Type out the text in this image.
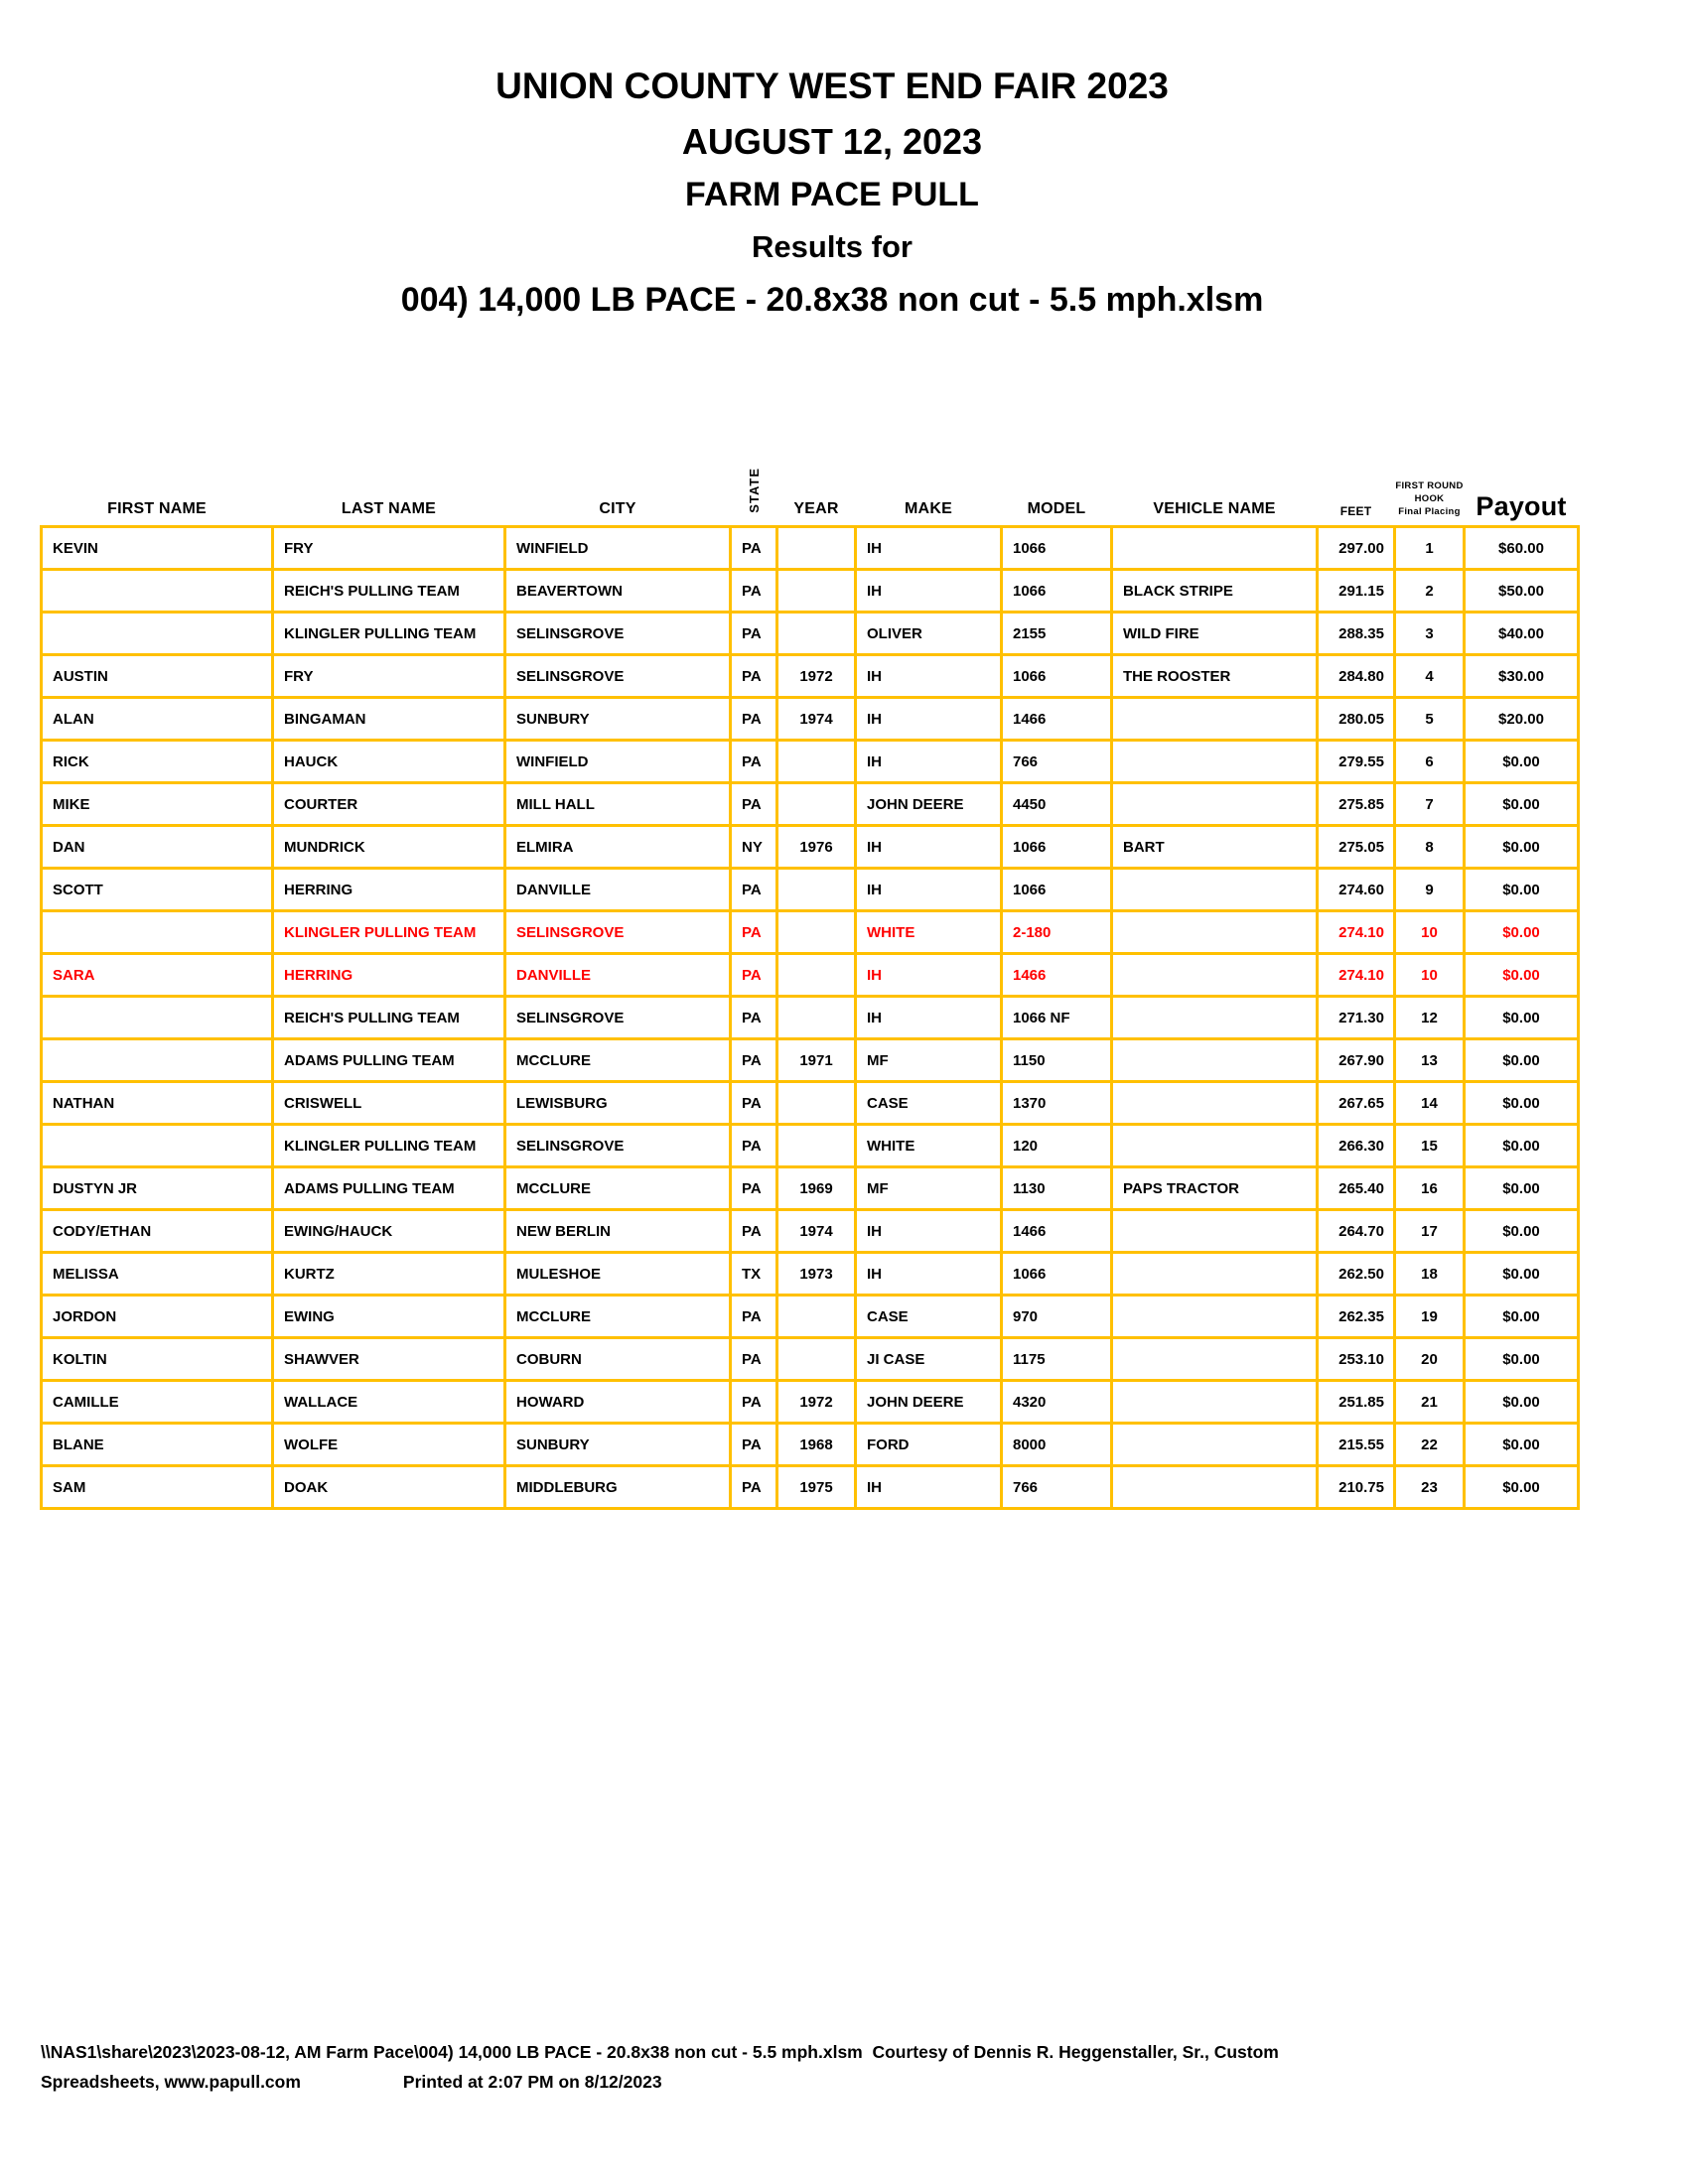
UNION COUNTY WEST END FAIR 2023
AUGUST 12, 2023
FARM PACE PULL
Results for
004) 14,000 LB PACE - 20.8x38 non cut - 5.5 mph.xlsm
FIRST NAME	LAST NAME	CITY	STATE	YEAR	MAKE	MODEL	VEHICLE NAME	FEET	FIRST ROUND
HOOK
Final Placing	Payout
KEVIN	FRY	WINFIELD	PA		IH	1066		297.00	1	$60.00
	REICH'S PULLING TEAM	BEAVERTOWN	PA		IH	1066	BLACK STRIPE	291.15	2	$50.00
	KLINGLER PULLING TEAM	SELINSGROVE	PA		OLIVER	2155	WILD FIRE	288.35	3	$40.00
AUSTIN	FRY	SELINSGROVE	PA	1972	IH	1066	THE ROOSTER	284.80	4	$30.00
ALAN	BINGAMAN	SUNBURY	PA	1974	IH	1466		280.05	5	$20.00
RICK	HAUCK	WINFIELD	PA		IH	766		279.55	6	$0.00
MIKE	COURTER	MILL HALL	PA		JOHN DEERE	4450		275.85	7	$0.00
DAN	MUNDRICK	ELMIRA	NY	1976	IH	1066	BART	275.05	8	$0.00
SCOTT	HERRING	DANVILLE	PA		IH	1066		274.60	9	$0.00
	KLINGLER PULLING TEAM	SELINSGROVE	PA		WHITE	2-180		274.10	10	$0.00
SARA	HERRING	DANVILLE	PA		IH	1466		274.10	10	$0.00
	REICH'S PULLING TEAM	SELINSGROVE	PA		IH	1066 NF		271.30	12	$0.00
	ADAMS PULLING TEAM	MCCLURE	PA	1971	MF	1150		267.90	13	$0.00
NATHAN	CRISWELL	LEWISBURG	PA		CASE	1370		267.65	14	$0.00
	KLINGLER PULLING TEAM	SELINSGROVE	PA		WHITE	120		266.30	15	$0.00
DUSTYN JR	ADAMS PULLING TEAM	MCCLURE	PA	1969	MF	1130	PAPS TRACTOR	265.40	16	$0.00
CODY/ETHAN	EWING/HAUCK	NEW BERLIN	PA	1974	IH	1466		264.70	17	$0.00
MELISSA	KURTZ	MULESHOE	TX	1973	IH	1066		262.50	18	$0.00
JORDON	EWING	MCCLURE	PA		CASE	970		262.35	19	$0.00
KOLTIN	SHAWVER	COBURN	PA		JI CASE	1175		253.10	20	$0.00
CAMILLE	WALLACE	HOWARD	PA	1972	JOHN DEERE	4320		251.85	21	$0.00
BLANE	WOLFE	SUNBURY	PA	1968	FORD	8000		215.55	22	$0.00
SAM	DOAK	MIDDLEBURG	PA	1975	IH	766		210.75	23	$0.00
\\NAS1\share\2023\2023-08-12, AM Farm Pace\004) 14,000 LB PACE - 20.8x38 non cut - 5.5 mph.xlsm  Courtesy of Dennis R. Heggenstaller, Sr., Custom
Spreadsheets, www.papull.com	Printed at 2:07 PM on 8/12/2023
